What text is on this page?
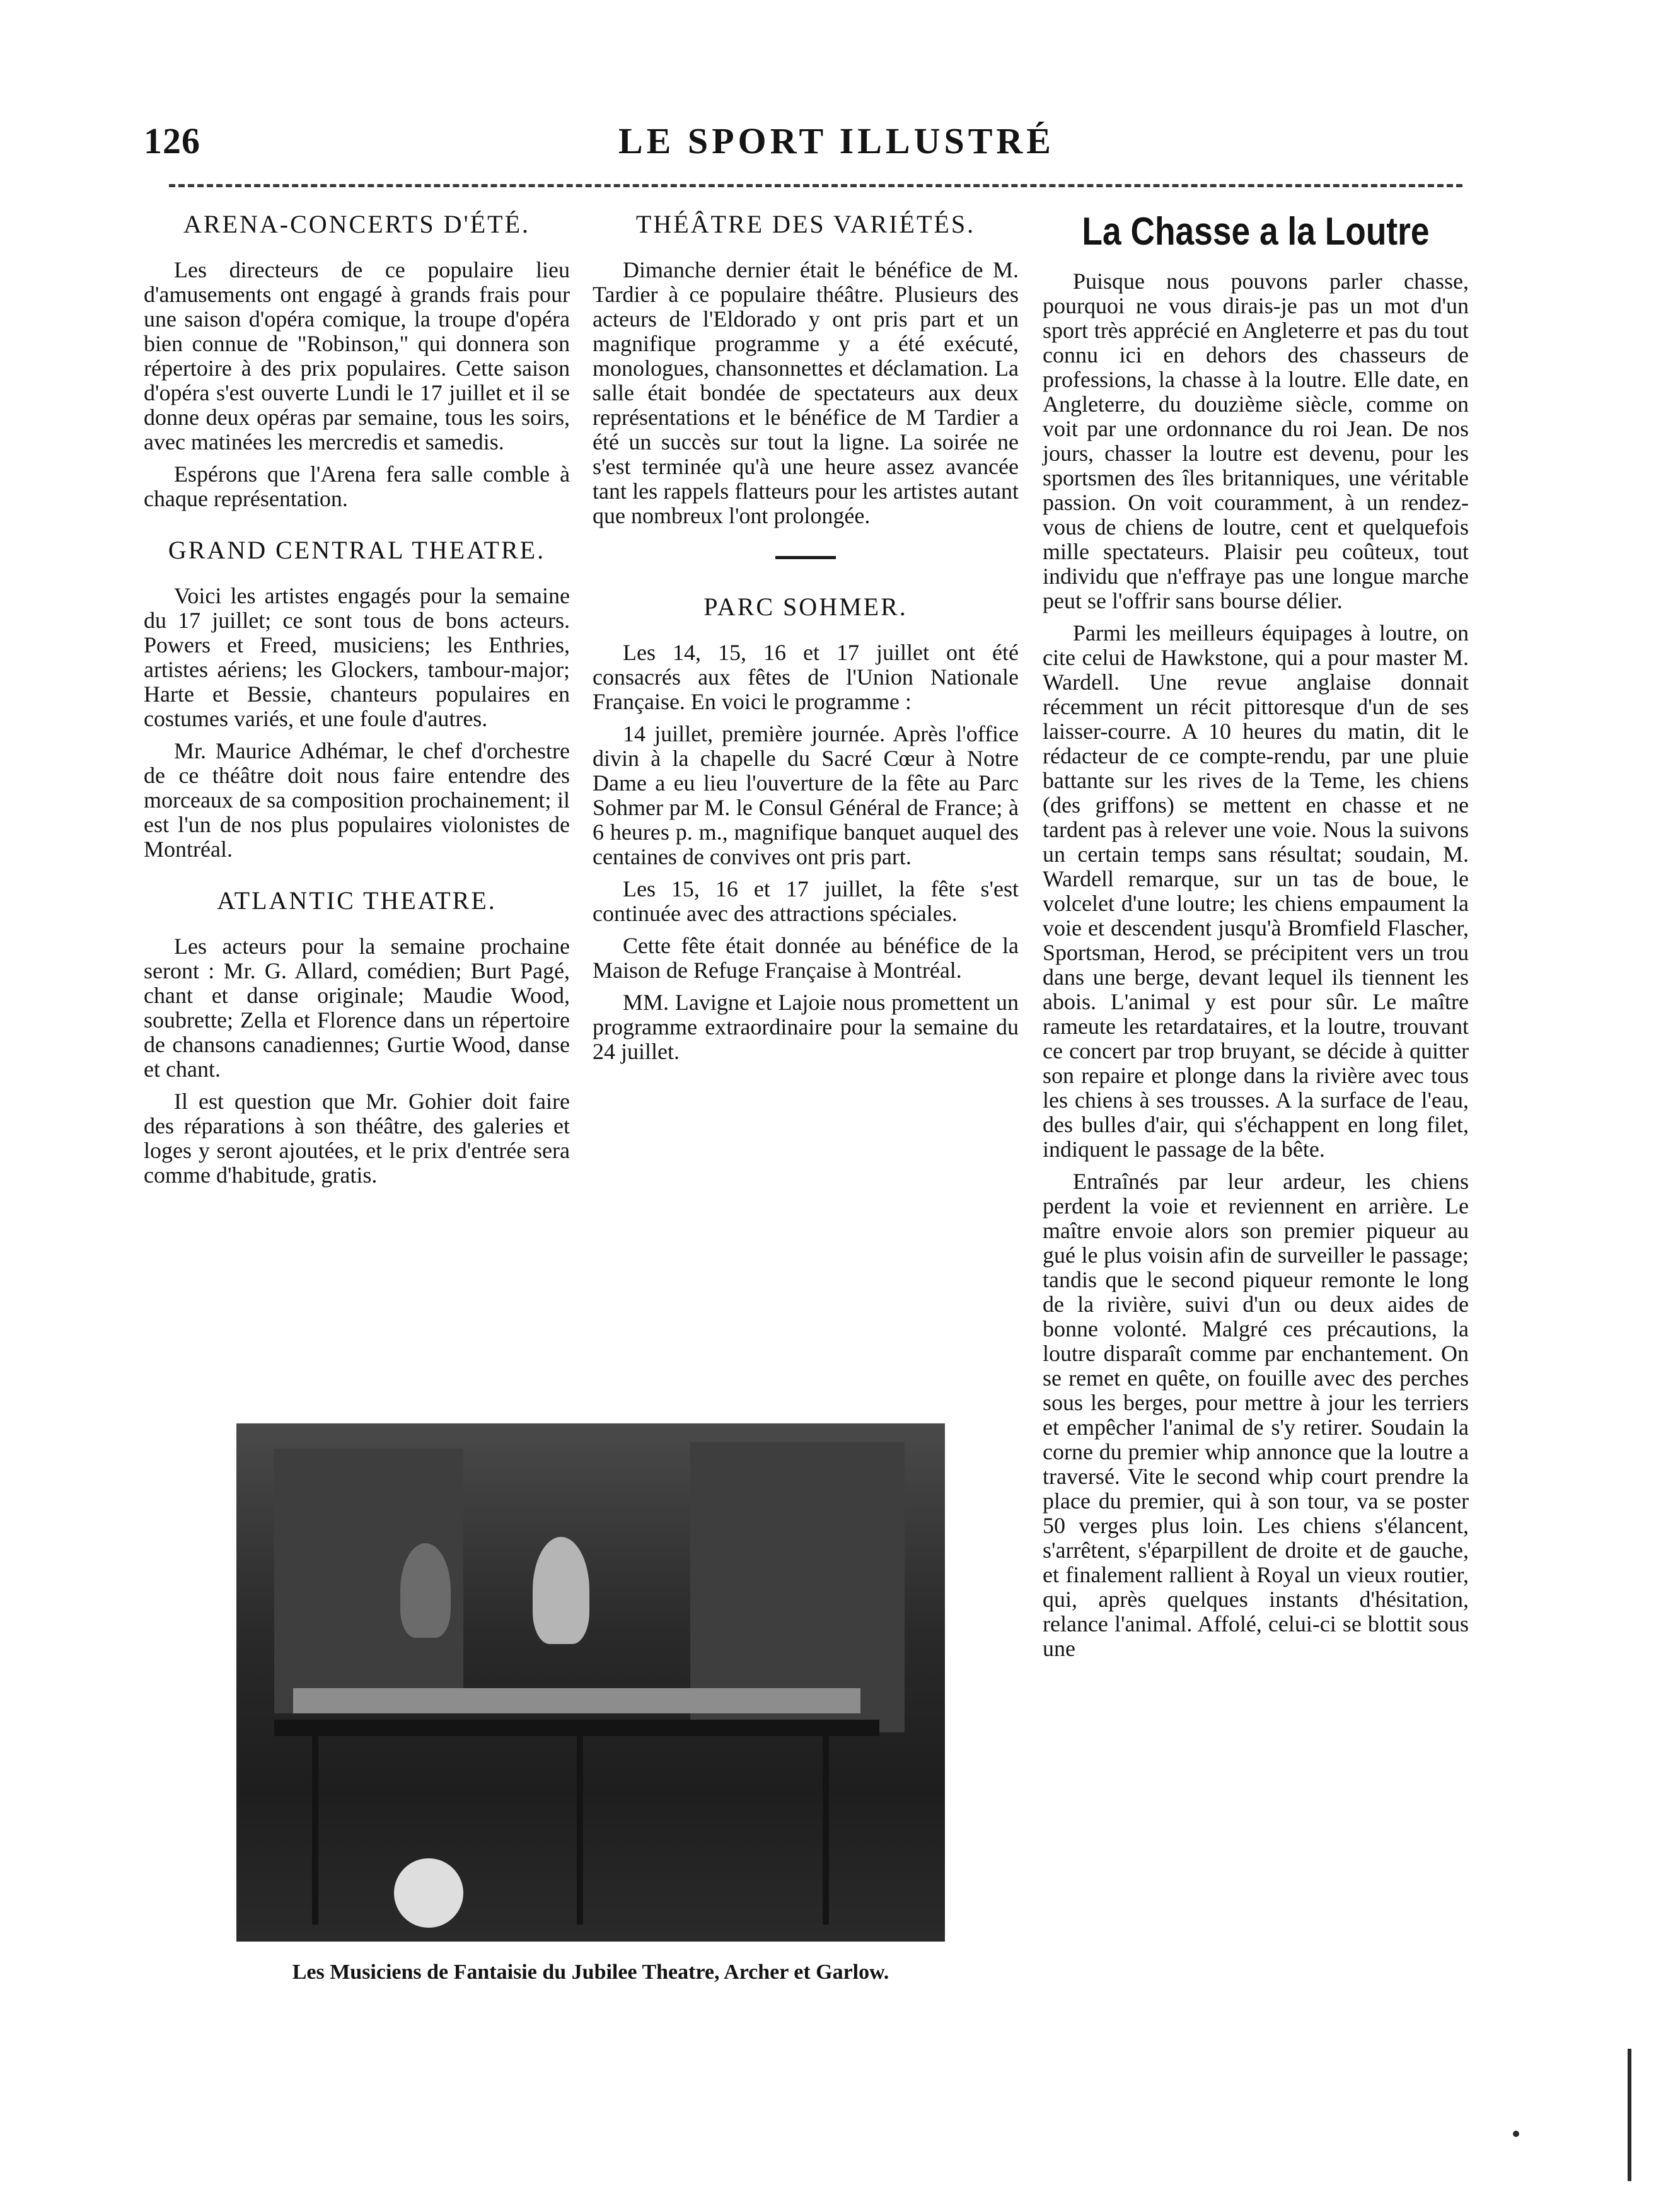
126	LE SPORT ILLUSTRÉ
ARENA-CONCERTS D'ÉTÉ.

Les directeurs de ce populaire lieu d'amusements ont engagé à grands frais pour une saison d'opéra comique, la troupe d'opéra bien connue de "Robinson," qui donnera son répertoire à des prix populaires. Cette saison d'opéra s'est ouverte Lundi le 17 juillet et il se donne deux opéras par semaine, tous les soirs, avec matinées les mercredis et samedis.

Espérons que l'Arena fera salle comble à chaque représentation.

GRAND CENTRAL THEATRE.

Voici les artistes engagés pour la semaine du 17 juillet; ce sont tous de bons acteurs. Powers et Freed, musiciens; les Enthries, artistes aériens; les Glockers, tambour-major; Harte et Bessie, chanteurs populaires en costumes variés, et une foule d'autres.

Mr. Maurice Adhémar, le chef d'orchestre de ce théâtre doit nous faire entendre des morceaux de sa composition prochainement; il est l'un de nos plus populaires violonistes de Montréal.

ATLANTIC THEATRE.

Les acteurs pour la semaine prochaine seront : Mr. G. Allard, comédien; Burt Pagé, chant et danse originale; Maudie Wood, soubrette; Zella et Florence dans un répertoire de chansons canadiennes; Gurtie Wood, danse et chant.

Il est question que Mr. Gohier doit faire des réparations à son théâtre, des galeries et loges y seront ajoutées, et le prix d'entrée sera comme d'habitude, gratis.

THÉÂTRE DES VARIÉTÉS.

Dimanche dernier était le bénéfice de M. Tardier à ce populaire théâtre. Plusieurs des acteurs de l'Eldorado y ont pris part et un magnifique programme y a été exécuté, monologues, chansonnettes et déclamation. La salle était bondée de spectateurs aux deux représentations et le bénéfice de M Tardier a été un succès sur tout la ligne. La soirée ne s'est terminée qu'à une heure assez avancée tant les rappels flatteurs pour les artistes autant que nombreux l'ont prolongée.

PARC SOHMER.

Les 14, 15, 16 et 17 juillet ont été consacrés aux fêtes de l'Union Nationale Française. En voici le programme :

14 juillet, première journée. Après l'office divin à la chapelle du Sacré Cœur à Notre Dame a eu lieu l'ouverture de la fête au Parc Sohmer par M. le Consul Général de France; à 6 heures p. m., magnifique banquet auquel des centaines de convives ont pris part.

Les 15, 16 et 17 juillet, la fête s'est continuée avec des attractions spéciales.

Cette fête était donnée au bénéfice de la Maison de Refuge Française à Montréal.

MM. Lavigne et Lajoie nous promettent un programme extraordinaire pour la semaine du 24 juillet.

La Chasse a la Loutre

Puisque nous pouvons parler chasse, pourquoi ne vous dirais-je pas un mot d'un sport très apprécié en Angleterre et pas du tout connu ici en dehors des chasseurs de professions, la chasse à la loutre. Elle date, en Angleterre, du douzième siècle, comme on voit par une ordonnance du roi Jean. De nos jours, chasser la loutre est devenu, pour les sportsmen des îles britanniques, une véritable passion. On voit couramment, à un rendez-vous de chiens de loutre, cent et quelquefois mille spectateurs. Plaisir peu coûteux, tout individu que n'effraye pas une longue marche peut se l'offrir sans bourse délier.

Parmi les meilleurs équipages à loutre, on cite celui de Hawkstone, qui a pour master M. Wardell. Une revue anglaise donnait récemment un récit pittoresque d'un de ses laisser-courre. A 10 heures du matin, dit le rédacteur de ce compte-rendu, par une pluie battante sur les rives de la Teme, les chiens (des griffons) se mettent en chasse et ne tardent pas à relever une voie. Nous la suivons un certain temps sans résultat; soudain, M. Wardell remarque, sur un tas de boue, le volcelet d'une loutre; les chiens empaument la voie et descendent jusqu'à Bromfield Flascher, Sportsman, Herod, se précipitent vers un trou dans une berge, devant lequel ils tiennent les abois. L'animal y est pour sûr. Le maître rameute les retardataires, et la loutre, trouvant ce concert par trop bruyant, se décide à quitter son repaire et plonge dans la rivière avec tous les chiens à ses trousses. A la surface de l'eau, des bulles d'air, qui s'échappent en long filet, indiquent le passage de la bête.

Entraînés par leur ardeur, les chiens perdent la voie et reviennent en arrière. Le maître envoie alors son premier piqueur au gué le plus voisin afin de surveiller le passage; tandis que le second piqueur remonte le long de la rivière, suivi d'un ou deux aides de bonne volonté. Malgré ces précautions, la loutre disparaît comme par enchantement. On se remet en quête, on fouille avec des perches sous les berges, pour mettre à jour les terriers et empêcher l'animal de s'y retirer. Soudain la corne du premier whip annonce que la loutre a traversé. Vite le second whip court prendre la place du premier, qui à son tour, va se poster 50 verges plus loin. Les chiens s'élancent, s'arrêtent, s'éparpillent de droite et de gauche, et finalement rallient à Royal un vieux routier, qui, après quelques instants d'hésitation, relance l'animal. Affolé, celui-ci se blottit sous une

Les Musiciens de Fantaisie du Jubilee Theatre, Archer et Garlow.
